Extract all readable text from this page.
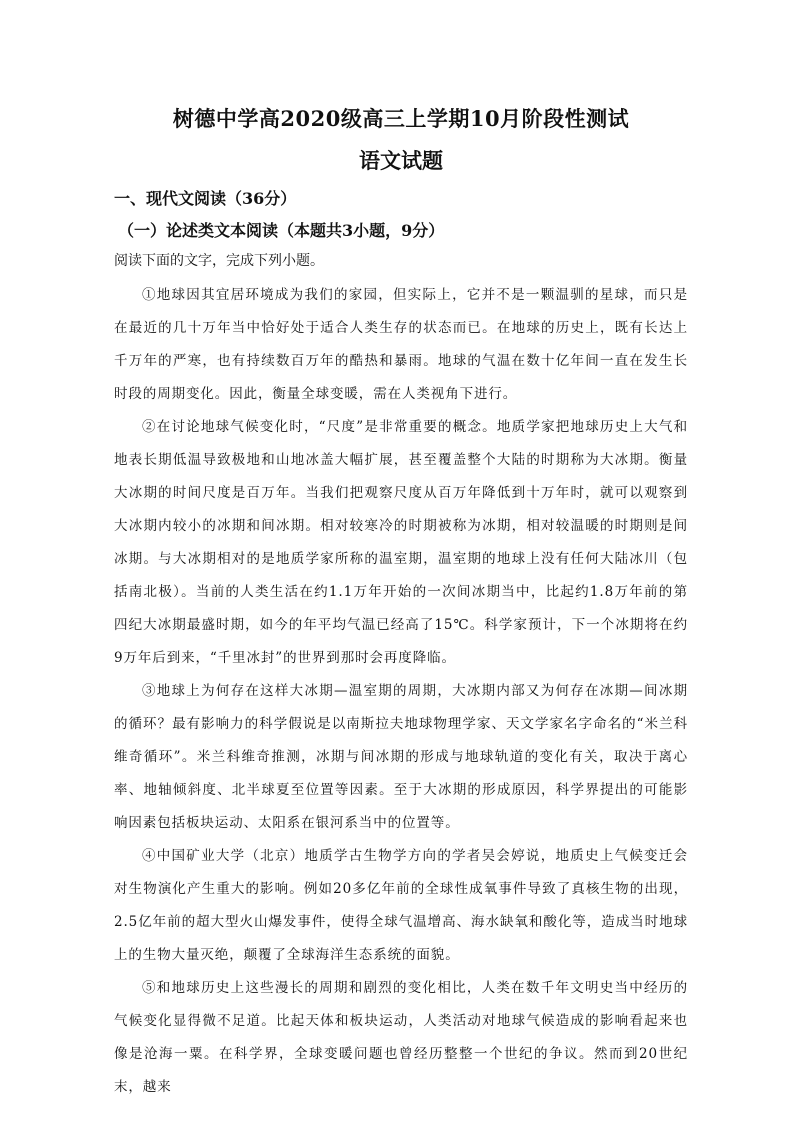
树德中学高2020级高三上学期10月阶段性测试
语文试题
一、现代文阅读（36分）
（一）论述类文本阅读（本题共3小题，9分）
阅读下面的文字，完成下列小题。

①地球因其宜居环境成为我们的家园，但实际上，它并不是一颗温驯的星球，而只是在最近的几十万年当中恰好处于适合人类生存的状态而已。在地球的历史上，既有长达上千万年的严寒，也有持续数百万年的酷热和暴雨。地球的气温在数十亿年间一直在发生长时段的周期变化。因此，衡量全球变暖，需在人类视角下进行。

②在讨论地球气候变化时，“尺度”是非常重要的概念。地质学家把地球历史上大气和地表长期低温导致极地和山地冰盖大幅扩展，甚至覆盖整个大陆的时期称为大冰期。衡量大冰期的时间尺度是百万年。当我们把观察尺度从百万年降低到十万年时，就可以观察到大冰期内较小的冰期和间冰期。相对较寒冷的时期被称为冰期，相对较温暖的时期则是间冰期。与大冰期相对的是地质学家所称的温室期，温室期的地球上没有任何大陆冰川（包括南北极）。当前的人类生活在约1.1万年开始的一次间冰期当中，比起约1.8万年前的第四纪大冰期最盛时期，如今的年平均气温已经高了15℃。科学家预计，下一个冰期将在约9万年后到来，“千里冰封”的世界到那时会再度降临。

③地球上为何存在这样大冰期—温室期的周期，大冰期内部又为何存在冰期—间冰期的循环？最有影响力的科学假说是以南斯拉夫地球物理学家、天文学家名字命名的“米兰科维奇循环”。米兰科维奇推测，冰期与间冰期的形成与地球轨道的变化有关，取决于离心率、地轴倾斜度、北半球夏至位置等因素。至于大冰期的形成原因，科学界提出的可能影响因素包括板块运动、太阳系在银河系当中的位置等。

④中国矿业大学（北京）地质学古生物学方向的学者吴会婷说，地质史上气候变迁会对生物演化产生重大的影响。例如20多亿年前的全球性成氧事件导致了真核生物的出现，2.5亿年前的超大型火山爆发事件，使得全球气温增高、海水缺氧和酸化等，造成当时地球上的生物大量灭绝，颠覆了全球海洋生态系统的面貌。

⑤和地球历史上这些漫长的周期和剧烈的变化相比，人类在数千年文明史当中经历的气候变化显得微不足道。比起天体和板块运动，人类活动对地球气候造成的影响看起来也像是沧海一粟。在科学界，全球变暖问题也曾经历整整一个世纪的争议。然而到20世纪末，越来
